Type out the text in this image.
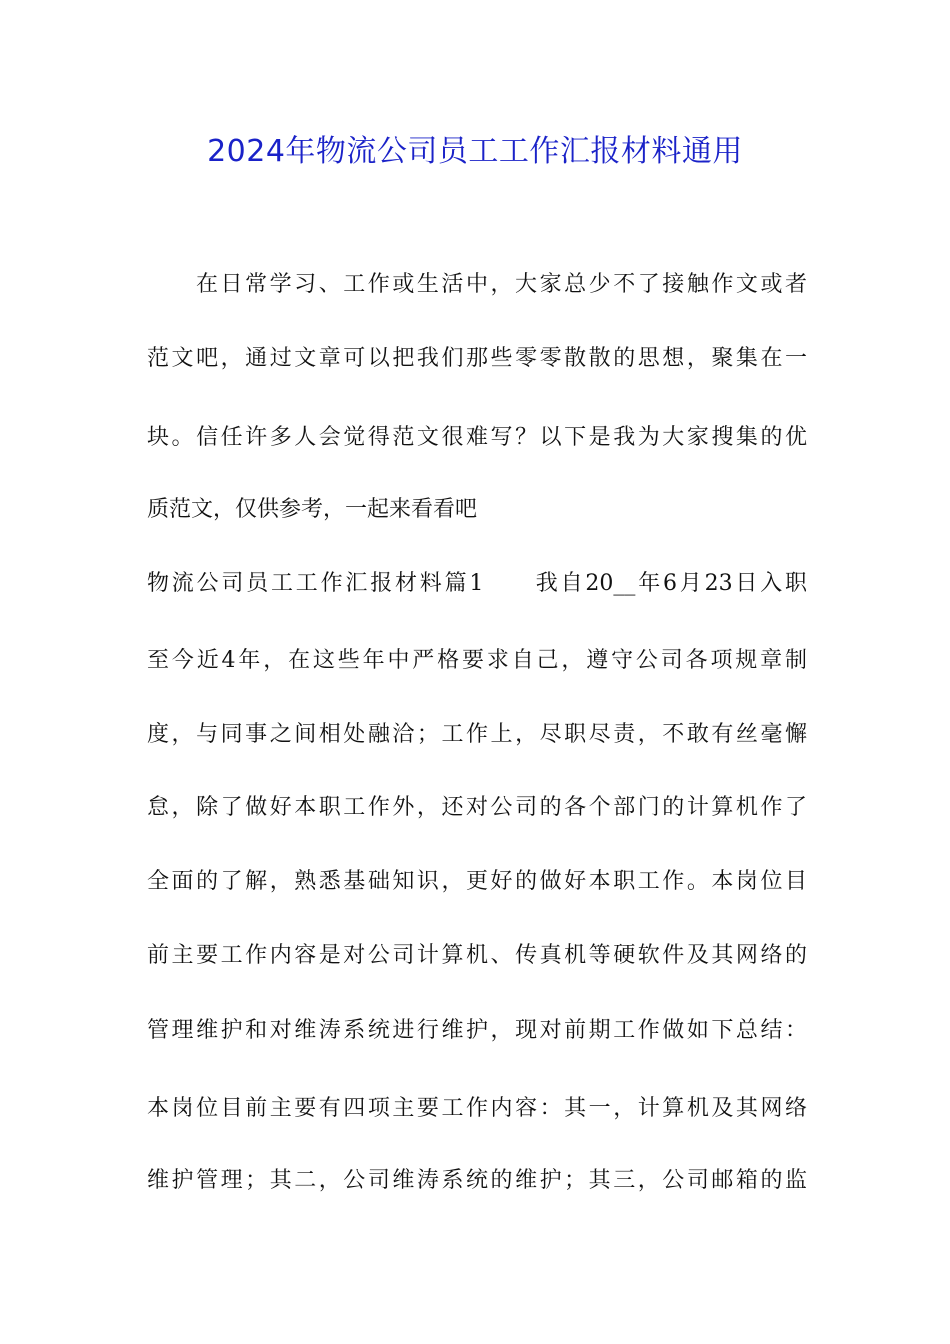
2024年物流公司员工工作汇报材料通用
在日常学习、工作或生活中，大家总少不了接触作文或者
范文吧，通过文章可以把我们那些零零散散的思想，聚集在一
块。信任许多人会觉得范文很难写？以下是我为大家搜集的优
质范文，仅供参考，一起来看看吧
物流公司员工工作汇报材料篇1　　我自20__年6月23日入职
至今近4年，在这些年中严格要求自己，遵守公司各项规章制
度，与同事之间相处融洽；工作上，尽职尽责，不敢有丝毫懈
怠，除了做好本职工作外，还对公司的各个部门的计算机作了
全面的了解，熟悉基础知识，更好的做好本职工作。本岗位目
前主要工作内容是对公司计算机、传真机等硬软件及其网络的
管理维护和对维涛系统进行维护，现对前期工作做如下总结：
本岗位目前主要有四项主要工作内容：其一，计算机及其网络
维护管理；其二，公司维涛系统的维护；其三，公司邮箱的监
